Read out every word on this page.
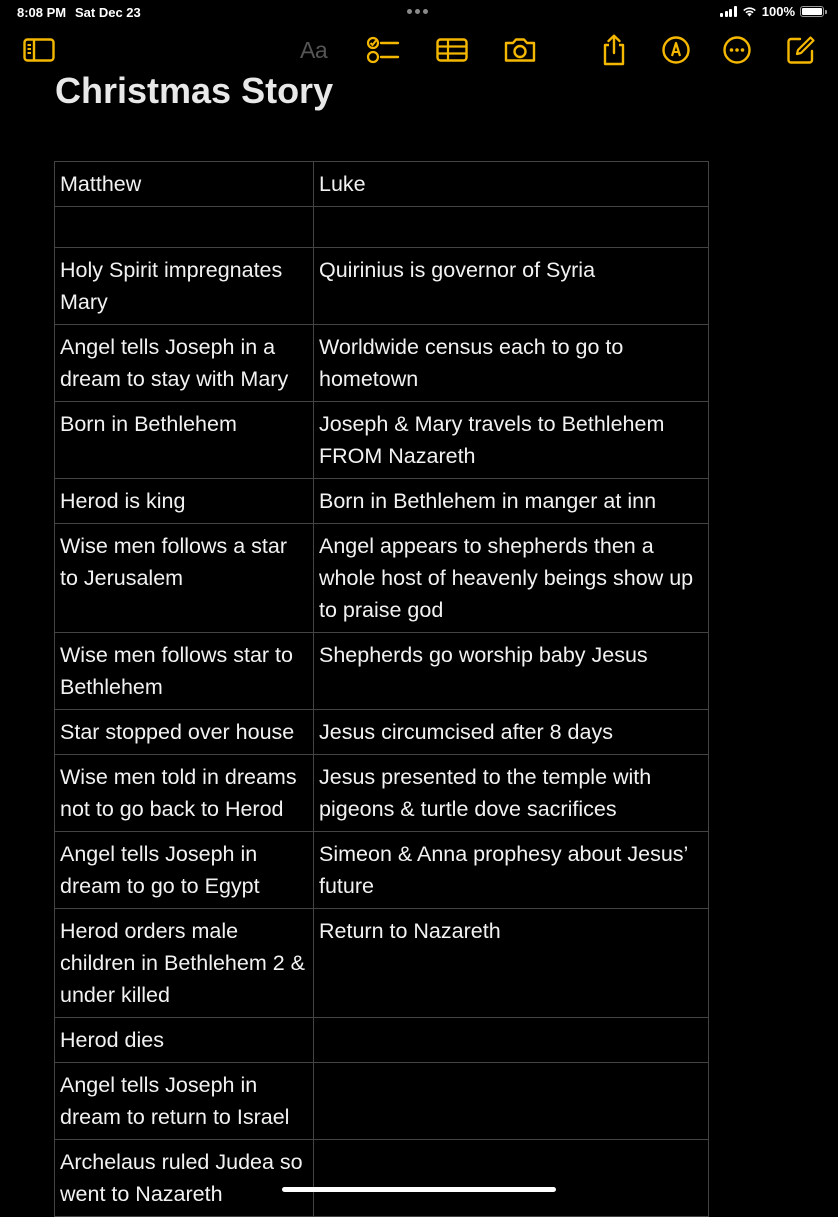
8:08 PM Sat Dec 23	100%
Aa
Christmas Story
Matthew	Luke

Holy Spirit impregnates Mary	Quirinius is governor of Syria
Angel tells Joseph in a dream to stay with Mary	Worldwide census each to go to hometown
Born in Bethlehem	Joseph & Mary travels to Bethlehem FROM Nazareth
Herod is king	Born in Bethlehem in manger at inn
Wise men follows a star to Jerusalem	Angel appears to shepherds then a whole host of heavenly beings show up to praise god
Wise men follows star to Bethlehem	Shepherds go worship baby Jesus
Star stopped over house	Jesus circumcised after 8 days
Wise men told in dreams not to go back to Herod	Jesus presented to the temple with pigeons & turtle dove sacrifices
Angel tells Joseph in dream to go to Egypt	Simeon & Anna prophesy about Jesus’ future
Herod orders male children in Bethlehem 2 & under killed	Return to Nazareth
Herod dies	
Angel tells Joseph in dream to return to Israel	
Archelaus ruled Judea so went to Nazareth	
